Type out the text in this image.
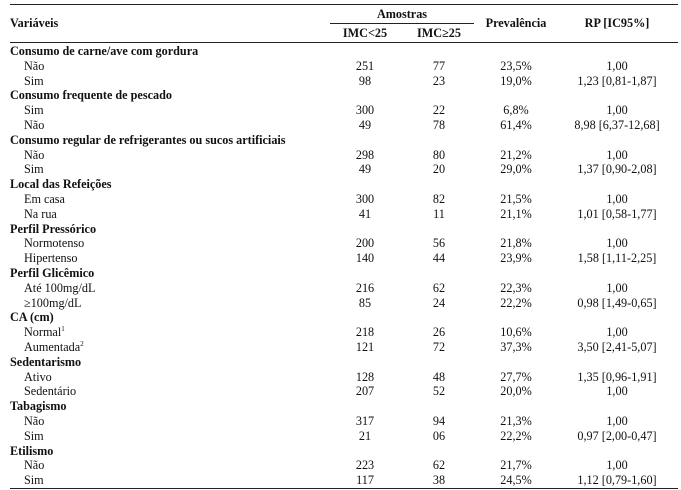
Amostras
Variáveis	Prevalência	RP [IC95%]
IMC<25	IMC≥25
Consumo de carne/ave com gordura
Não	251	77	23,5%	1,00
Sim	98	23	19,0%	1,23 [0,81-1,87]
Consumo frequente de pescado
Sim	300	22	6,8%	1,00
Não	49	78	61,4%	8,98 [6,37-12,68]
Consumo regular de refrigerantes ou sucos artificiais
Não	298	80	21,2%	1,00
Sim	49	20	29,0%	1,37 [0,90-2,08]
Local das Refeições
Em casa	300	82	21,5%	1,00
Na rua	41	11	21,1%	1,01 [0,58-1,77]
Perfil Pressórico
Normotenso	200	56	21,8%	1,00
Hipertenso	140	44	23,9%	1,58 [1,11-2,25]
Perfil Glicêmico
Até 100mg/dL	216	62	22,3%	1,00
≥100mg/dL	85	24	22,2%	0,98 [1,49-0,65]
CA (cm)
Normal$^1$	218	26	10,6%	1,00
Aumentada$^2$	121	72	37,3%	3,50 [2,41-5,07]
Sedentarismo
Ativo	128	48	27,7%	1,35 [0,96-1,91]
Sedentário	207	52	20,0%	1,00
Tabagismo
Não	317	94	21,3%	1,00
Sim	21	06	22,2%	0,97 [2,00-0,47]
Etilismo
Não	223	62	21,7%	1,00
Sim	117	38	24,5%	1,12 [0,79-1,60]
